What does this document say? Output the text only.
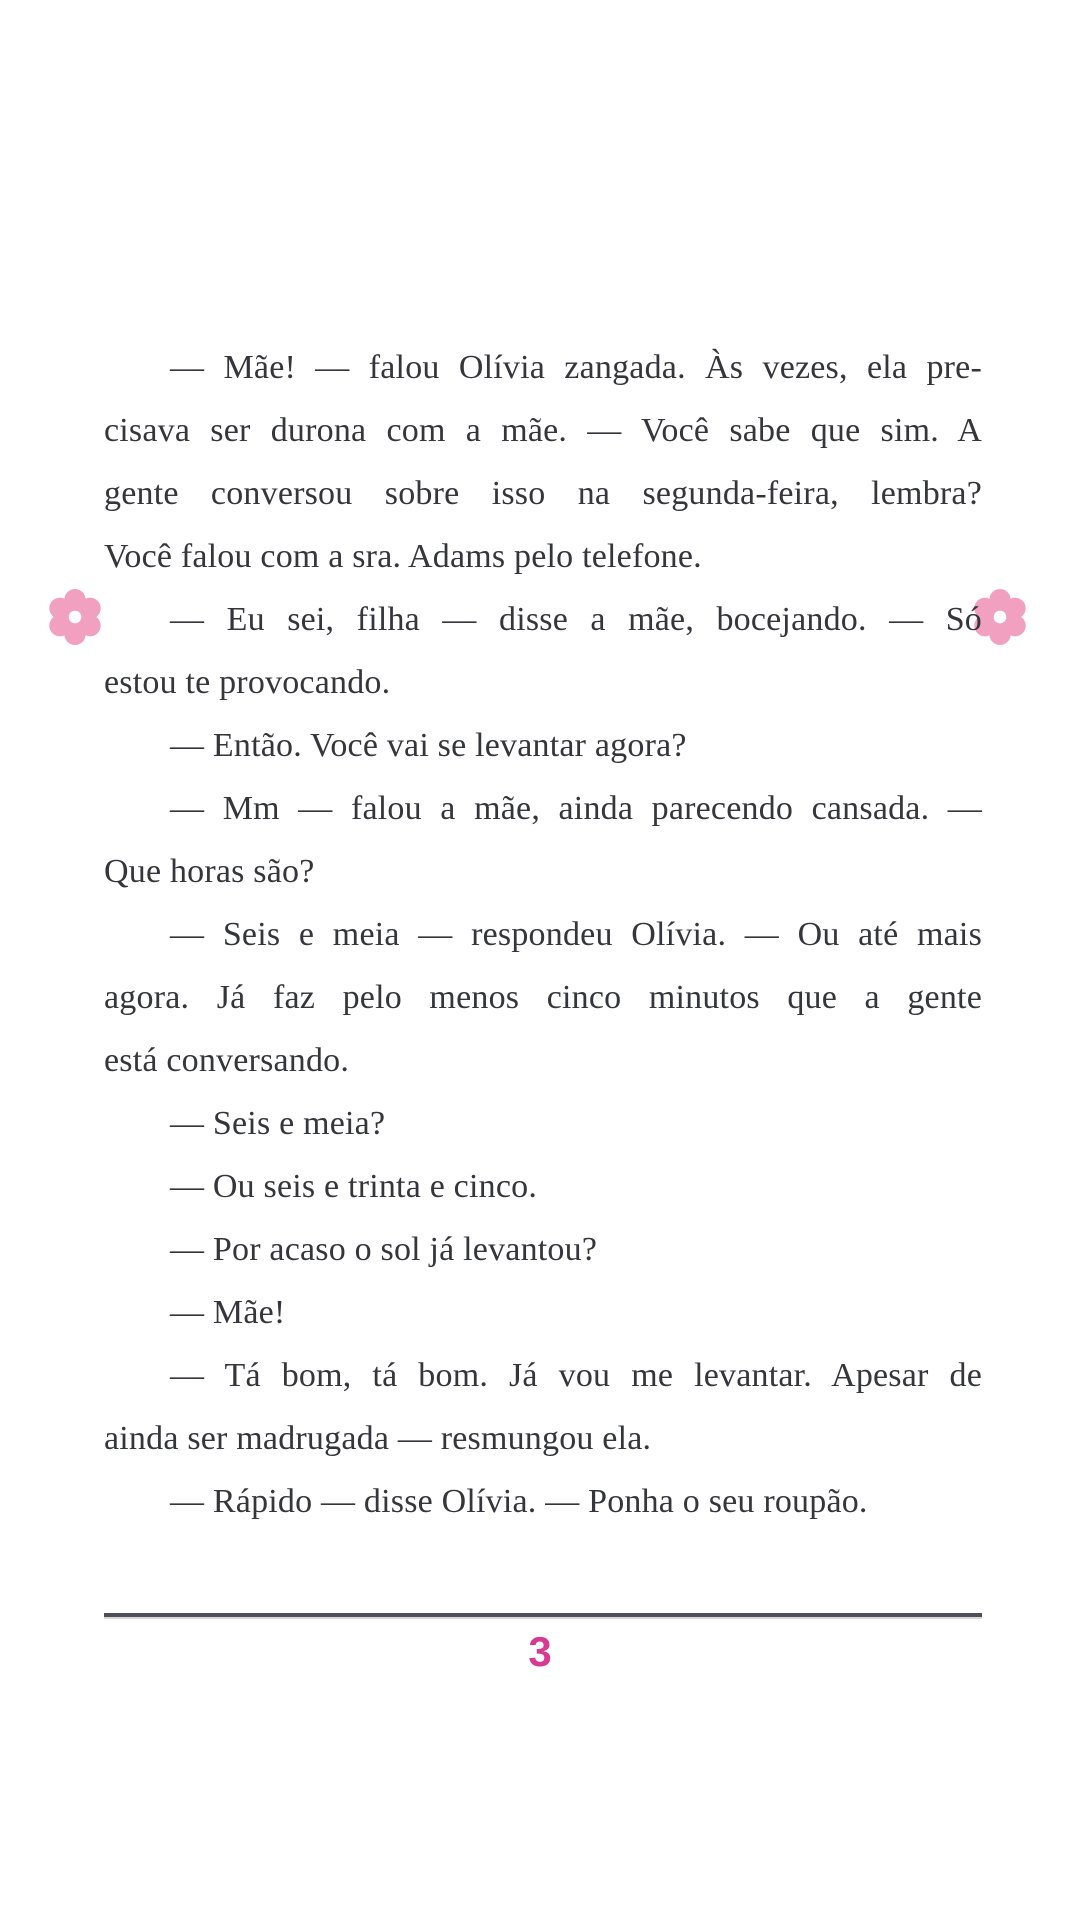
— Mãe! — falou Olívia zangada. Às vezes, ela pre-
cisava ser durona com a mãe. — Você sabe que sim. A
gente conversou sobre isso na segunda-feira, lembra?
Você falou com a sra. Adams pelo telefone.
— Eu sei, filha — disse a mãe, bocejando. — Só
estou te provocando.
— Então. Você vai se levantar agora?
— Mm — falou a mãe, ainda parecendo cansada. —
Que horas são?
— Seis e meia — respondeu Olívia. — Ou até mais
agora. Já faz pelo menos cinco minutos que a gente
está conversando.
— Seis e meia?
— Ou seis e trinta e cinco.
— Por acaso o sol já levantou?
— Mãe!
— Tá bom, tá bom. Já vou me levantar. Apesar de
ainda ser madrugada — resmungou ela.
— Rápido — disse Olívia. — Ponha o seu roupão.
3
